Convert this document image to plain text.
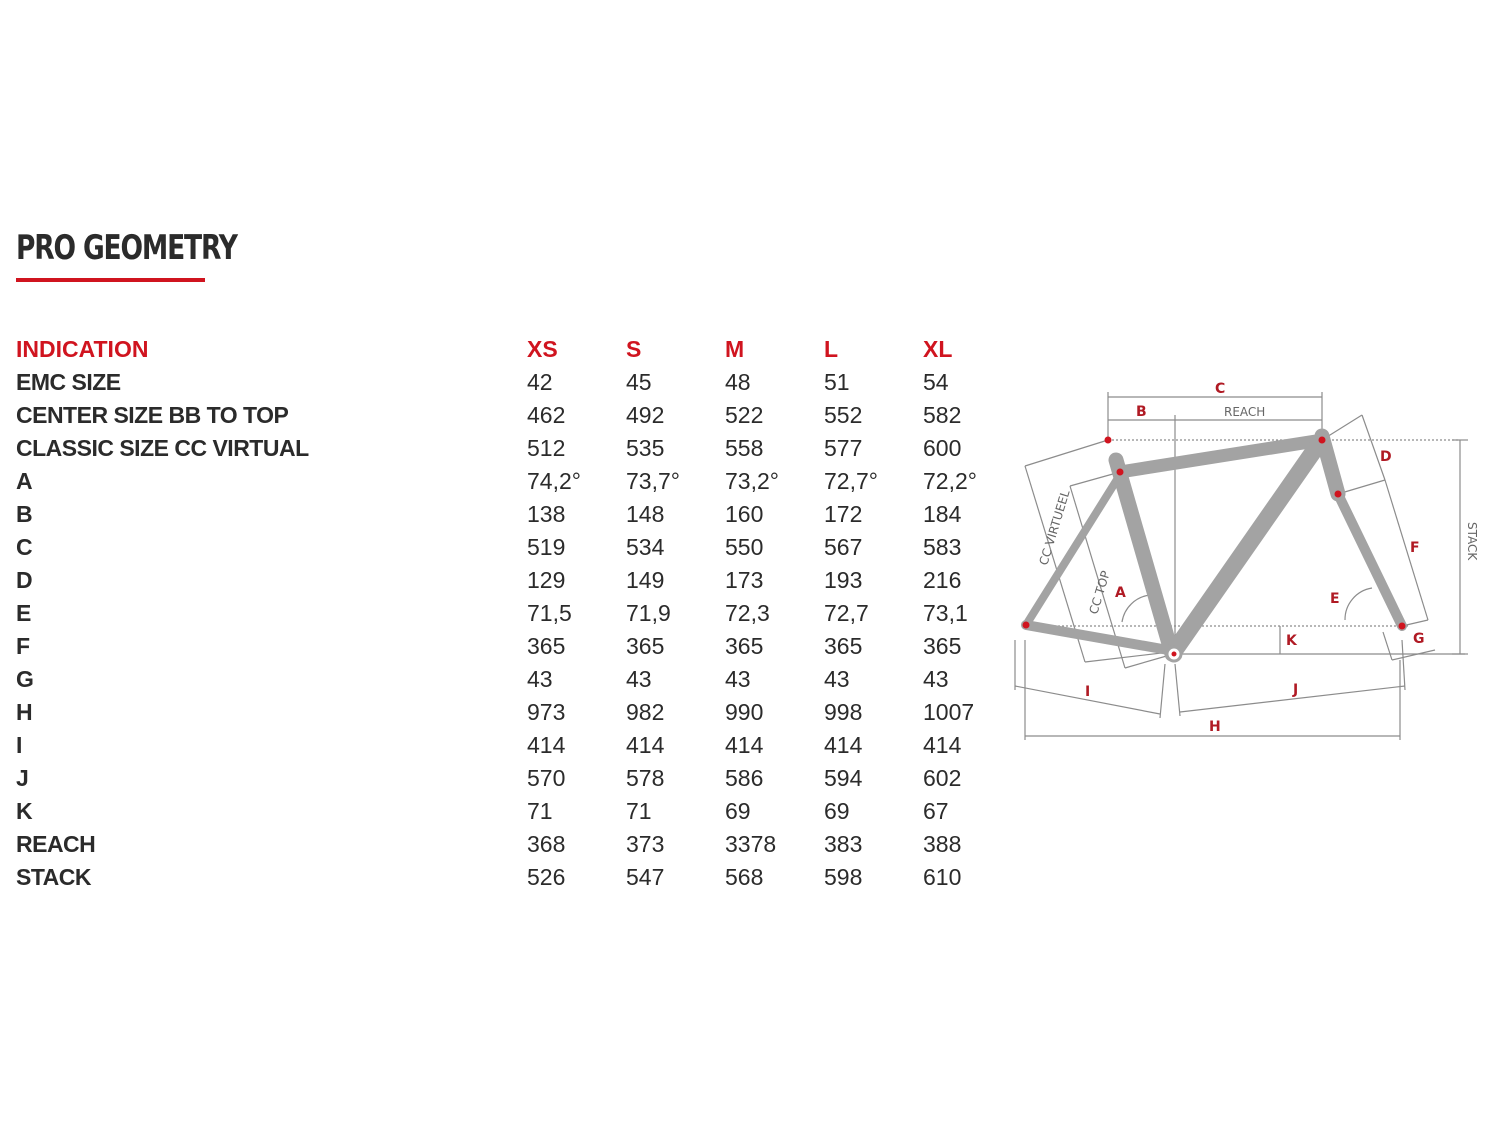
PRO GEOMETRY
INDICATION	XS	S	M	L	XL
EMC SIZE	42	45	48	51	54
CENTER SIZE BB TO TOP	462	492	522	552	582
CLASSIC SIZE CC VIRTUAL	512	535	558	577	600
A	74,2°	73,7°	73,2°	72,7°	72,2°
B	138	148	160	172	184
C	519	534	550	567	583
D	129	149	173	193	216
E	71,5	71,9	72,3	72,7	73,1
F	365	365	365	365	365
G	43	43	43	43	43
H	973	982	990	998	1007
I	414	414	414	414	414
J	570	578	586	594	602
K	71	71	69	69	67
REACH	368	373	3378	383	388
STACK	526	547	568	598	610
C
B	REACH
D
F
E
A
K	G
I	J
H
STACK
CC VIRTUEEL
CC TOP
